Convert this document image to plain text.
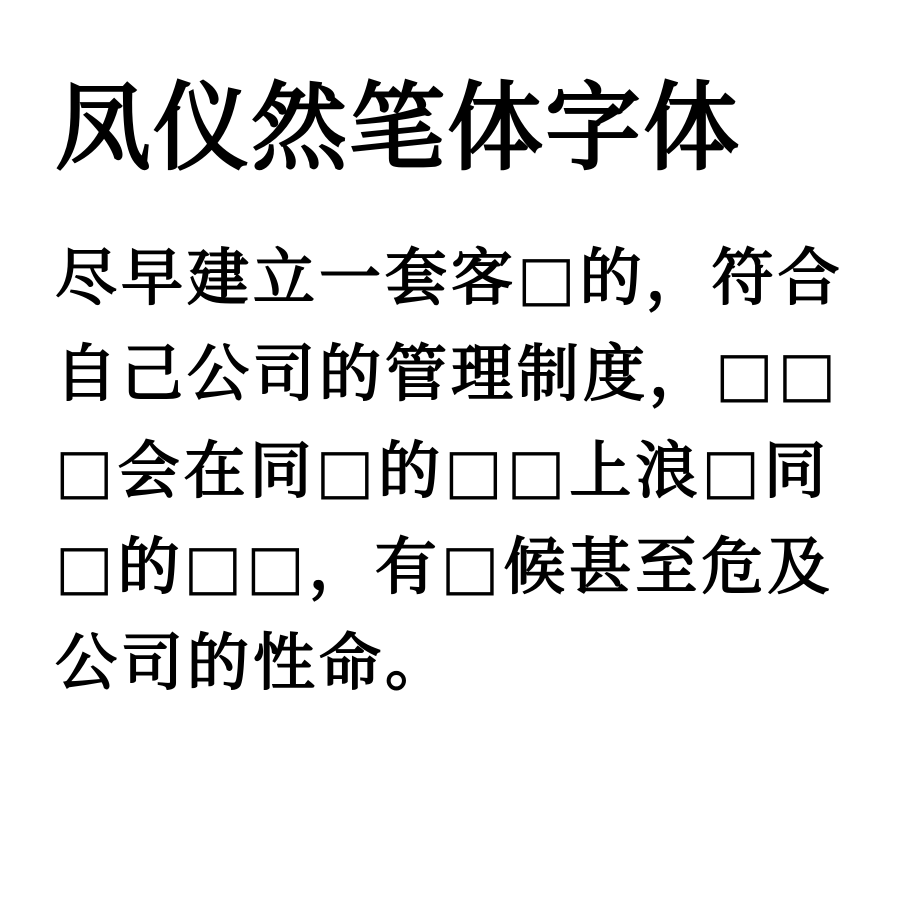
凤仪然笔体字体

尽早建立一套客□的，符合

自己公司的管理制度，□□

□会在同□的□□上浪□同

□的□□，有□候甚至危及

公司的性命。
